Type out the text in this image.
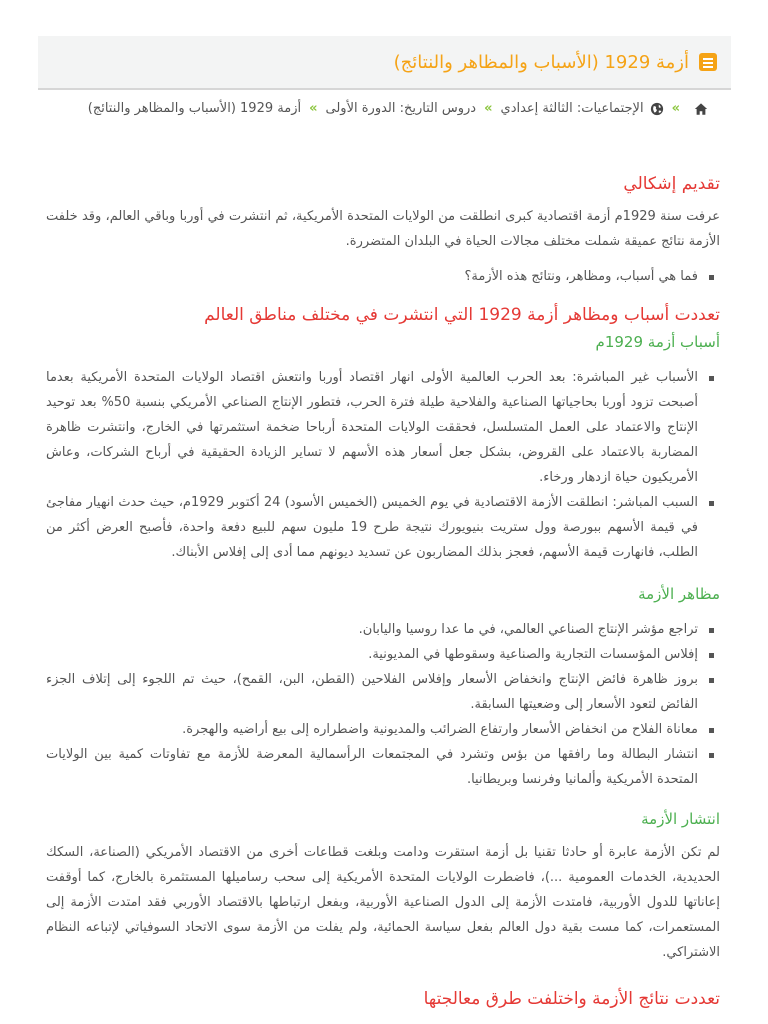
أزمة 1929 (الأسباب والمظاهر والنتائج)
»
الإجتماعيات: الثالثة إعدادي
»
دروس التاريخ: الدورة الأولى
»
أزمة 1929 (الأسباب والمظاهر والنتائج)
تقديم إشكالي

عرفت سنة 1929م أزمة اقتصادية كبرى انطلقت من الولايات المتحدة الأمريكية، ثم انتشرت في أوربا وباقي العالم، وقد خلفت الأزمة نتائج عميقة شملت مختلف مجالات الحياة في البلدان المتضررة.

فما هي أسباب، ومظاهر، ونتائج هذه الأزمة؟
تعددت أسباب ومظاهر أزمة 1929 التي انتشرت في مختلف مناطق العالم
أسباب أزمة 1929م
الأسباب غير المباشرة: بعد الحرب العالمية الأولى انهار اقتصاد أوربا وانتعش اقتصاد الولايات المتحدة الأمريكية بعدما أصبحت تزود أوربا بحاجياتها الصناعية والفلاحية طيلة فترة الحرب، فتطور الإنتاج الصناعي الأمريكي بنسبة 50% بعد توحيد الإنتاج والاعتماد على العمل المتسلسل، فحققت الولايات المتحدة أرباحا ضخمة استثمرتها في الخارج، وانتشرت ظاهرة المضاربة بالاعتماد على القروض، بشكل جعل أسعار هذه الأسهم لا تساير الزيادة الحقيقية في أرباح الشركات، وعاش الأمريكيون حياة ازدهار ورخاء.
السبب المباشر: انطلقت الأزمة الاقتصادية في يوم الخميس (الخميس الأسود) 24 أكتوبر 1929م، حيث حدث انهيار مفاجئ في قيمة الأسهم ببورصة وول ستريت بنيويورك نتيجة طرح 19 مليون سهم للبيع دفعة واحدة، فأصبح العرض أكثر من الطلب، فانهارت قيمة الأسهم، فعجز بذلك المضاربون عن تسديد ديونهم مما أدى إلى إفلاس الأبناك.
مظاهر الأزمة
تراجع مؤشر الإنتاج الصناعي العالمي، في ما عدا روسيا واليابان.
إفلاس المؤسسات التجارية والصناعية وسقوطها في المديونية.
بروز ظاهرة فائض الإنتاج وانخفاض الأسعار وإفلاس الفلاحين (القطن، البن، القمح)، حيث تم اللجوء إلى إتلاف الجزء الفائض لتعود الأسعار إلى وضعيتها السابقة.
معاناة الفلاح من انخفاض الأسعار وارتفاع الضرائب والمديونية واضطراره إلى بيع أراضيه والهجرة.
انتشار البطالة وما رافقها من بؤس وتشرد في المجتمعات الرأسمالية المعرضة للأزمة مع تفاوتات كمية بين الولايات المتحدة الأمريكية وألمانيا وفرنسا وبريطانيا.
انتشار الأزمة

لم تكن الأزمة عابرة أو حادثا تقنيا بل أزمة استقرت ودامت وبلغت قطاعات أخرى من الاقتصاد الأمريكي (الصناعة، السكك الحديدية، الخدمات العمومية ...)، فاضطرت الولايات المتحدة الأمريكية إلى سحب رساميلها المستثمرة بالخارج، كما أوقفت إعاناتها للدول الأوربية، فامتدت الأزمة إلى الدول الصناعية الأوربية، وبفعل ارتباطها بالاقتصاد الأوربي فقد امتدت الأزمة إلى المستعمرات، كما مست بقية دول العالم بفعل سياسة الحمائية، ولم يفلت من الأزمة سوى الاتحاد السوفياتي لإتباعه النظام الاشتراكي.

تعددت نتائج الأزمة واختلفت طرق معالجتها
